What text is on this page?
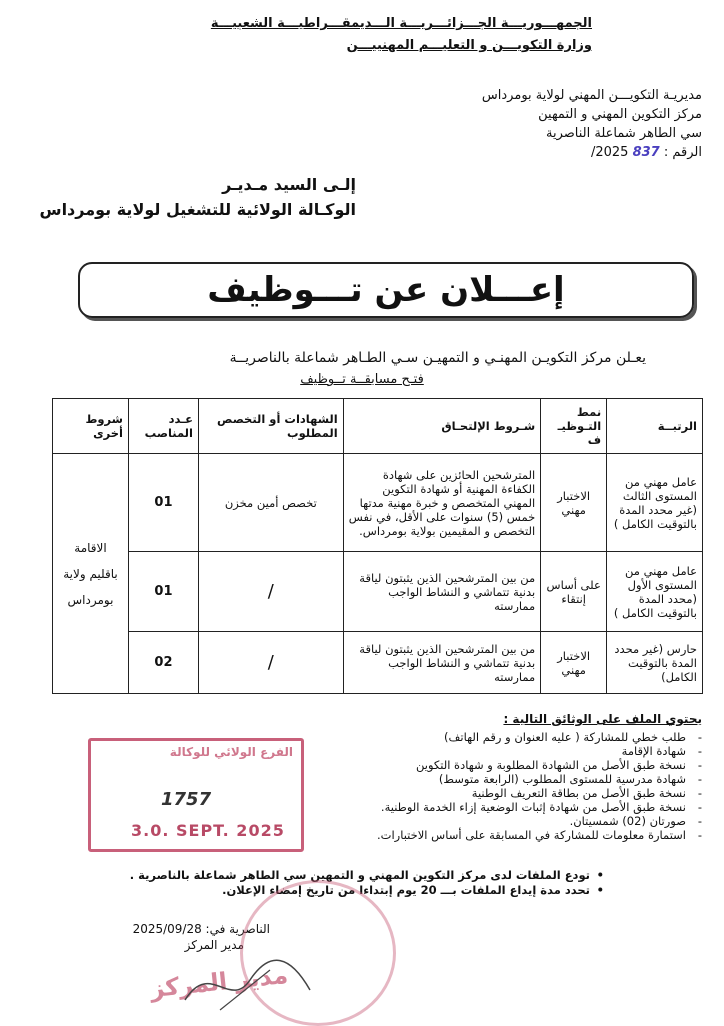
الجمهـــوريـــة الجـــزائـــريـــة الـــديمقـــراطيـــة الشعبيـــة
وزارة التكويـــن و التعليـــم المهنييـــن
مديريـة التكويـــن المهني لولاية بومرداس
مركز التكوين المهني و التمهين
سي الطاهر شماعلة الناصرية
الرقم : 837 2025/
إلـى السيد مـديـر
الوكـالة الولائية للتشغيل لولاية بومرداس
إعـــلان عن تـــوظيف
يعـلن مركز التكويـن المهنـي و التمهيـن سـي الطـاهر شماعلة بالناصريــة
فتـح مسابقــة تــوظيف
الرتبــة	نمط التـوظيـ ف	شـروط الإلتحـاق	الشهادات أو التخصص المطلوب	عـدد المناصب	شروط أخرى
عامل مهني من المستوى الثالث (غير محدد المدة بالتوقيت الكامل )	الاختبار مهني	المترشحين الحائزين على شهادة الكفاءة المهنية أو شهادة التكوين المهني المتخصص و خبرة مهنية مدتها خمس (5) سنوات على الأقل، في نفس التخصص و المقيمين بولاية بومرداس.	تخصص أمين مخزن	01	الاقامة باقليم ولاية بومرداس
عامل مهني من المستوى الأول (محدد المدة بالتوقيت الكامل )	على أساس إنتقاء	من بين المترشحين الذين يثبتون لياقة بدنية تتماشي و النشاط الواجب ممارسته	/	01	
حارس (غير محدد المدة بالتوقيت الكامل)	الاختبار مهني	من بين المترشحين الذين يثبتون لياقة بدنية تتماشي و النشاط الواجب ممارسته	/	02	
يحتوي الملف على الوثائق التالية :
- طلب خطي للمشاركة ( عليه العنوان و رقم الهاتف)
- شهادة الإقامة
- نسخة طبق الأصل من الشهادة المطلوبة و شهادة التكوين
- شهادة مدرسية للمستوى المطلوب (الرابعة متوسط)
- نسخة طبق الأصل من بطاقة التعريف الوطنية
- نسخة طبق الأصل من شهادة إثبات الوضعية إزاء الخدمة الوطنية.
- صورتان (02) شمسيتان.
- استمارة معلومات للمشاركة في المسابقة على أساس الاختبارات.
• تودع الملفات لدى مركز التكوين المهني و التمهين سي الطاهر شماعلة بالناصرية .
• تحدد مدة إيداع الملفات بـــ 20 يوم إبتداءا من تاريخ إمضاء الإعلان.
الفرع الولائي للوكالة
1757
3.0. SEPT. 2025
الناصرية في: 2025/09/28
مدير المركز
مدير المركز
